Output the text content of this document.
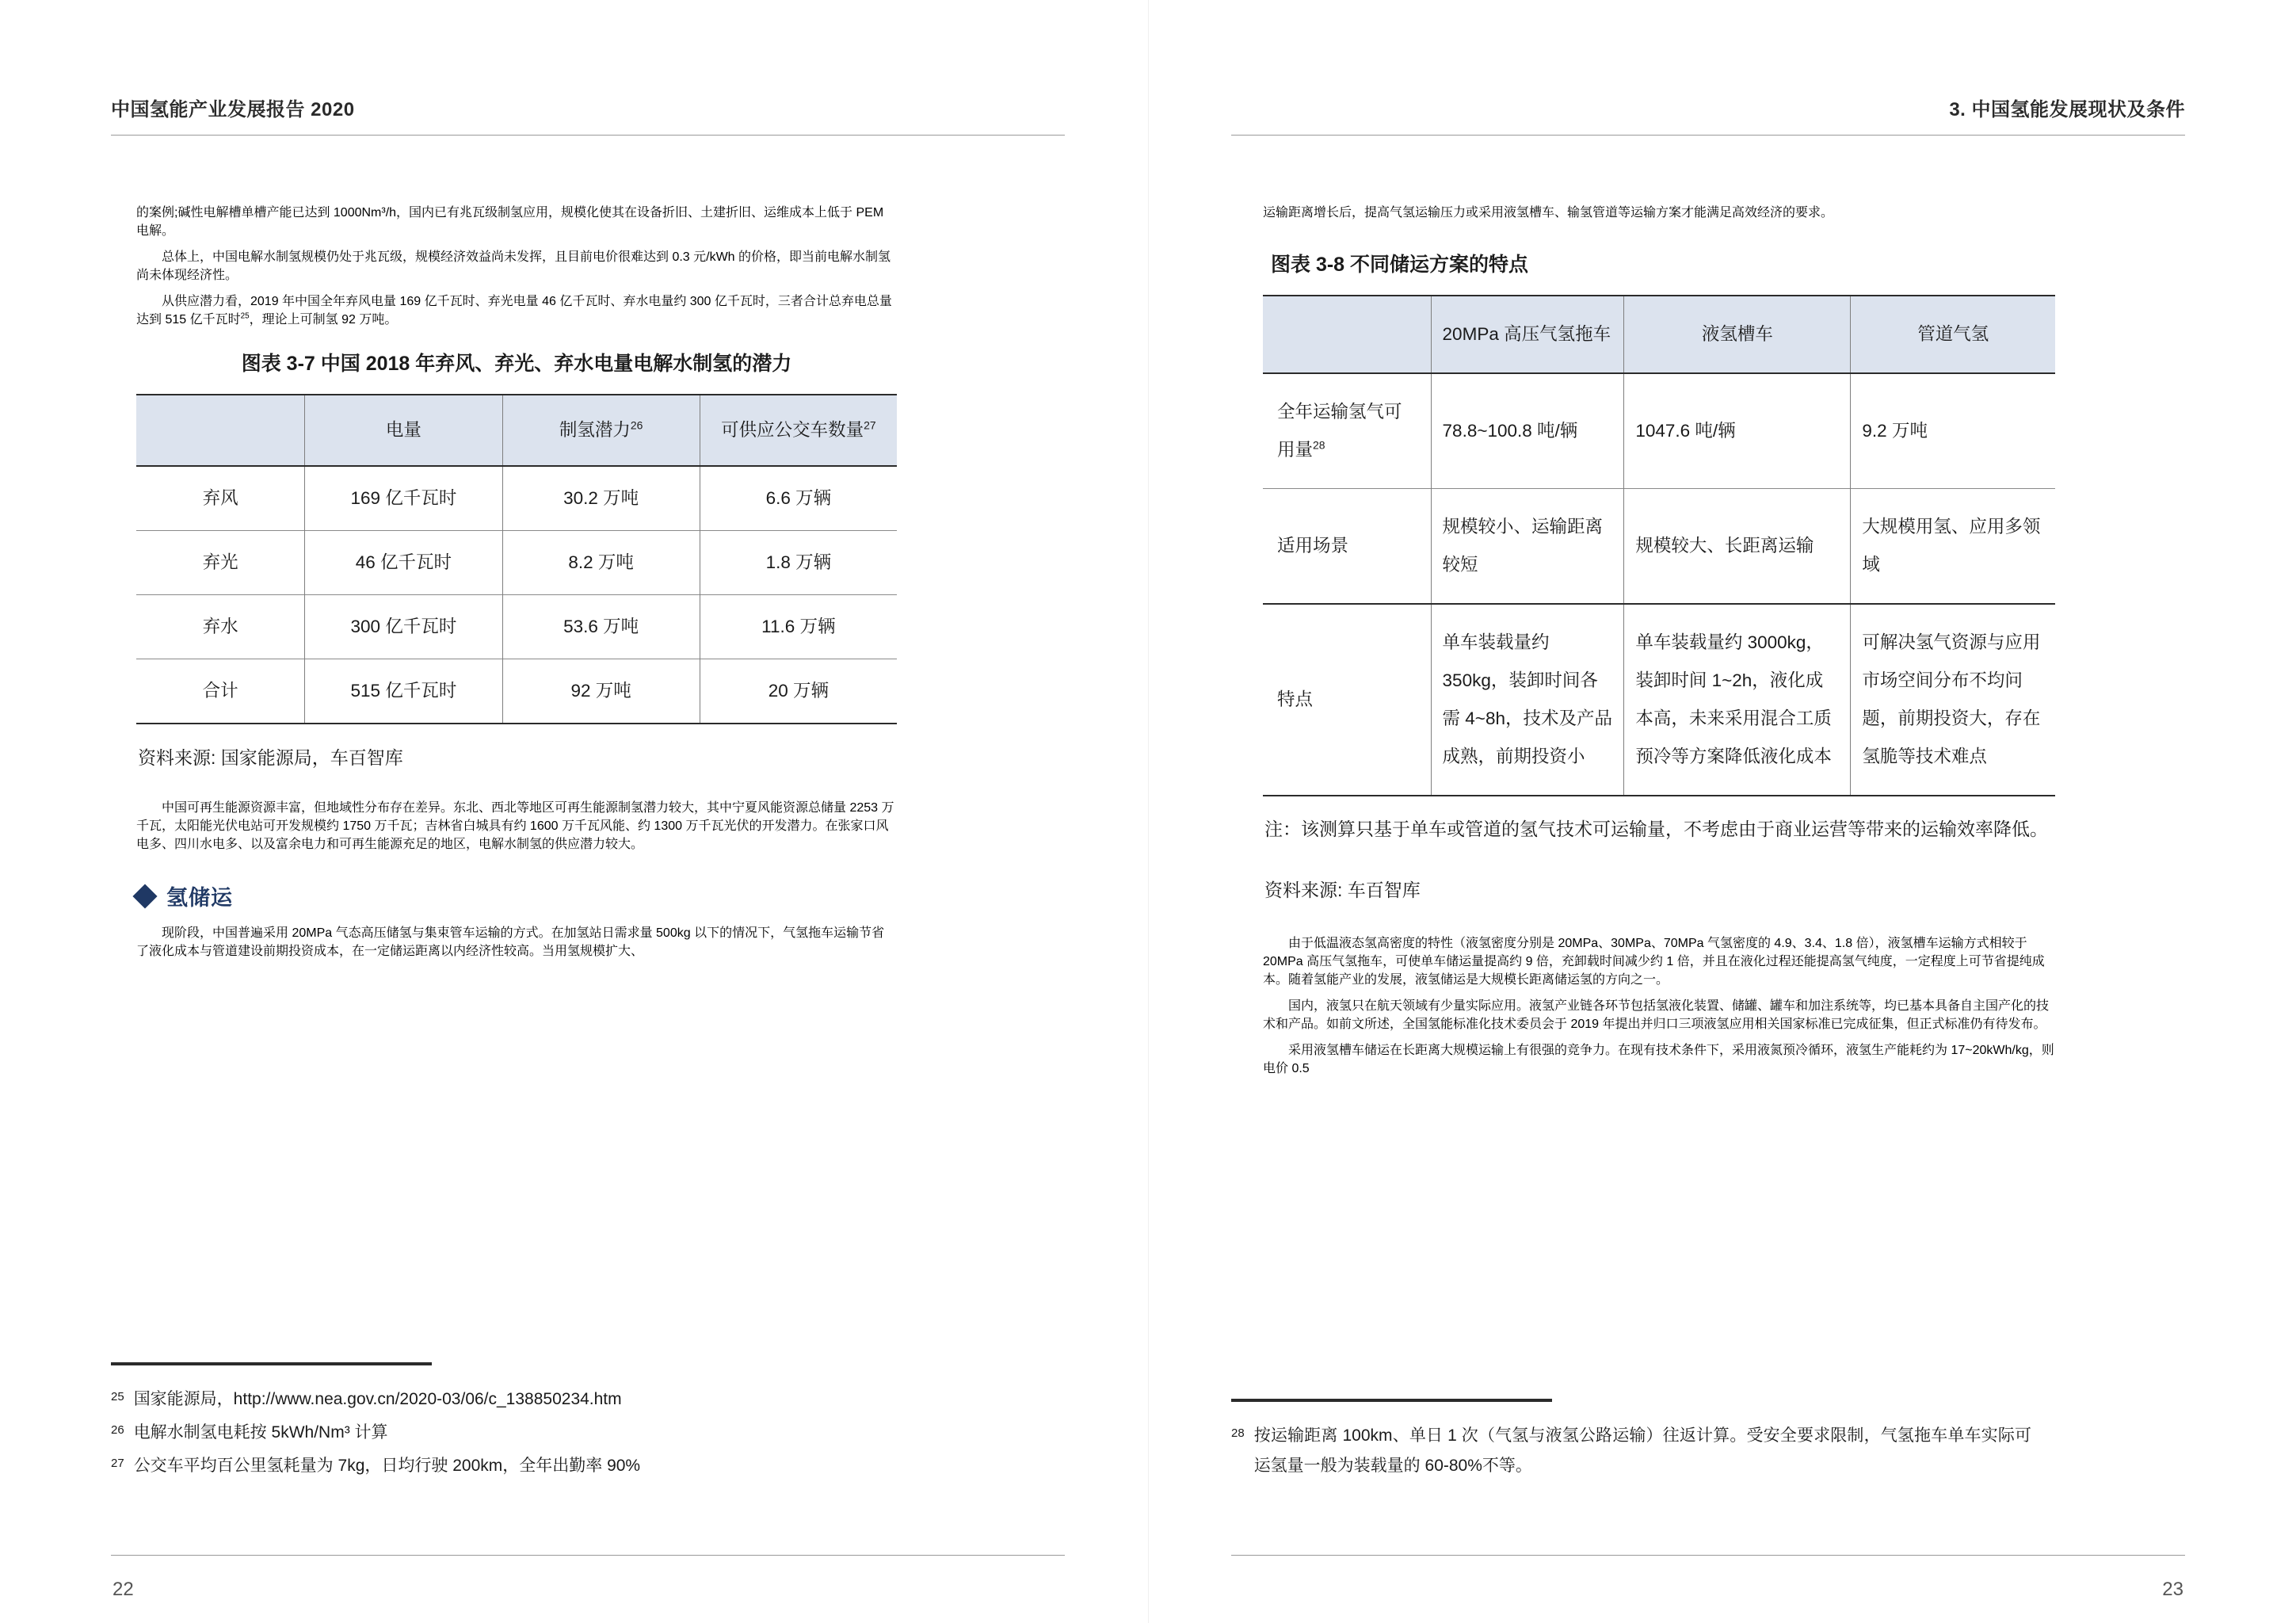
中国氢能产业发展报告 2020

的案例;碱性电解槽单槽产能已达到 1000Nm³/h，国内已有兆瓦级制氢应用，规模化使其在设备折旧、土建折旧、运维成本上低于 PEM 电解。

总体上，中国电解水制氢规模仍处于兆瓦级，规模经济效益尚未发挥，且目前电价很难达到 0.3 元/kWh 的价格，即当前电解水制氢尚未体现经济性。

从供应潜力看，2019 年中国全年弃风电量 169 亿千瓦时、弃光电量 46 亿千瓦时、弃水电量约 300 亿千瓦时，三者合计总弃电总量达到 515 亿千瓦时$^{25}$，理论上可制氢 92 万吨。

图表 3-7 中国 2018 年弃风、弃光、弃水电量电解水制氢的潜力
	电量	制氢潜力$^{26}$	可供应公交车数量$^{27}$
弃风	169 亿千瓦时	30.2 万吨	6.6 万辆
弃光	46 亿千瓦时	8.2 万吨	1.8 万辆
弃水	300 亿千瓦时	53.6 万吨	11.6 万辆
合计	515 亿千瓦时	92 万吨	20 万辆
资料来源: 国家能源局，车百智库

中国可再生能源资源丰富，但地域性分布存在差异。东北、西北等地区可再生能源制氢潜力较大，其中宁夏风能资源总储量 2253 万千瓦，太阳能光伏电站可开发规模约 1750 万千瓦；吉林省白城具有约 1600 万千瓦风能、约 1300 万千瓦光伏的开发潜力。在张家口风电多、四川水电多、以及富余电力和可再生能源充足的地区，电解水制氢的供应潜力较大。

氢储运

现阶段，中国普遍采用 20MPa 气态高压储氢与集束管车运输的方式。在加氢站日需求量 500kg 以下的情况下，气氢拖车运输节省了液化成本与管道建设前期投资成本，在一定储运距离以内经济性较高。当用氢规模扩大、

25 国家能源局，http://www.nea.gov.cn/2020-03/06/c_138850234.htm
26 电解水制氢电耗按 5kWh/Nm³ 计算
27 公交车平均百公里氢耗量为 7kg，日均行驶 200km，全年出勤率 90%
22
3. 中国氢能发展现状及条件

运输距离增长后，提高气氢运输压力或采用液氢槽车、输氢管道等运输方案才能满足高效经济的要求。

图表 3-8 不同储运方案的特点
	20MPa 高压气氢拖车	液氢槽车	管道气氢
全年运输氢气可用量$^{28}$	78.8~100.8 吨/辆	1047.6 吨/辆	9.2 万吨
适用场景	规模较小、运输距离较短	规模较大、长距离运输	大规模用氢、应用多领域
特点	单车装载量约 350kg，装卸时间各需 4~8h，技术及产品成熟，前期投资小	单车装载量约 3000kg，装卸时间 1~2h，液化成本高，未来采用混合工质预冷等方案降低液化成本	可解决氢气资源与应用市场空间分布不均问题，前期投资大，存在氢脆等技术难点
注：该测算只基于单车或管道的氢气技术可运输量，不考虑由于商业运营等带来的运输效率降低。
资料来源: 车百智库

由于低温液态氢高密度的特性（液氢密度分别是 20MPa、30MPa、70MPa 气氢密度的 4.9、3.4、1.8 倍），液氢槽车运输方式相较于 20MPa 高压气氢拖车，可使单车储运量提高约 9 倍，充卸载时间减少约 1 倍，并且在液化过程还能提高氢气纯度，一定程度上可节省提纯成本。随着氢能产业的发展，液氢储运是大规模长距离储运氢的方向之一。

国内，液氢只在航天领域有少量实际应用。液氢产业链各环节包括氢液化装置、储罐、罐车和加注系统等，均已基本具备自主国产化的技术和产品。如前文所述，全国氢能标准化技术委员会于 2019 年提出并归口三项液氢应用相关国家标准已完成征集，但正式标准仍有待发布。

采用液氢槽车储运在长距离大规模运输上有很强的竞争力。在现有技术条件下，采用液氮预冷循环，液氢生产能耗约为 17~20kWh/kg，则电价 0.5

28 按运输距离 100km、单日 1 次（气氢与液氢公路运输）往返计算。受安全要求限制，气氢拖车单车实际可运氢量一般为装载量的 60-80%不等。
23
